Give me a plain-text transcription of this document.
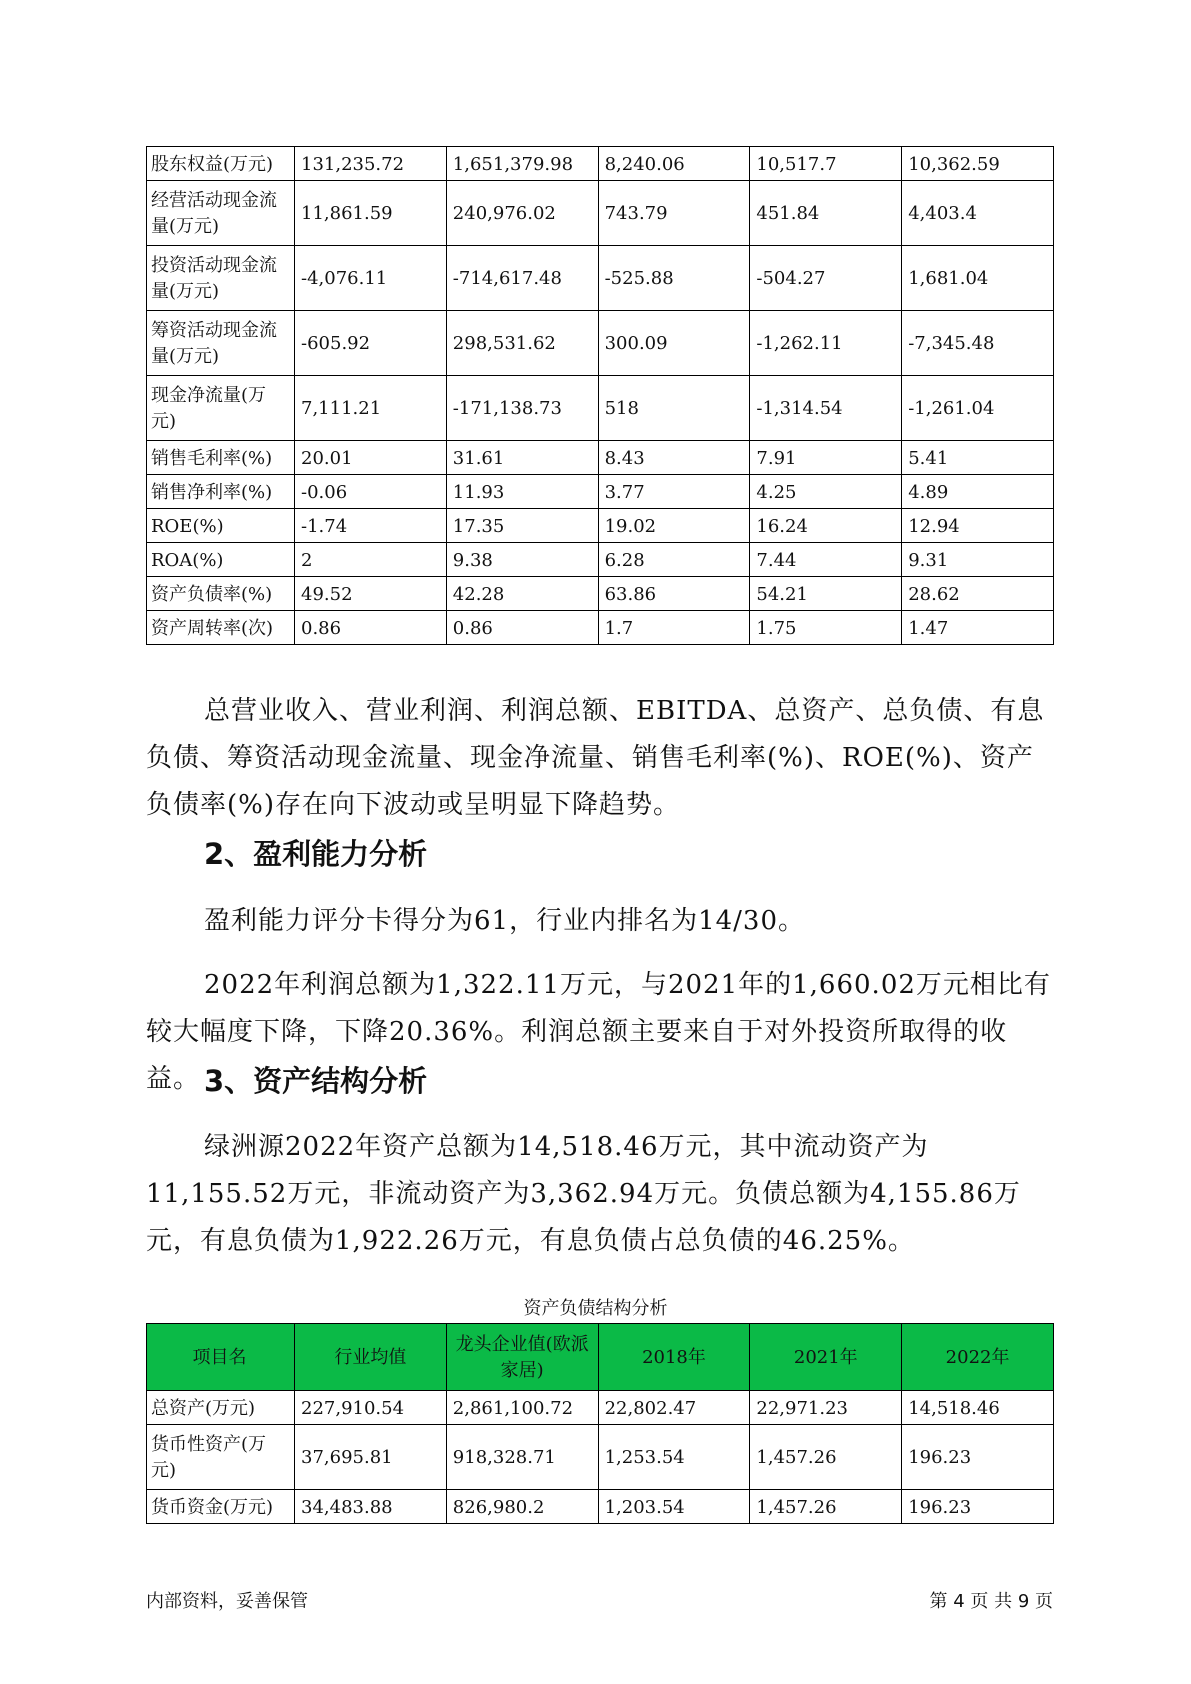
股东权益(万元)	131,235.72	1,651,379.98	8,240.06	10,517.7	10,362.59
经营活动现金流量(万元)	11,861.59	240,976.02	743.79	451.84	4,403.4
投资活动现金流量(万元)	-4,076.11	-714,617.48	-525.88	-504.27	1,681.04
筹资活动现金流量(万元)	-605.92	298,531.62	300.09	-1,262.11	-7,345.48
现金净流量(万元)	7,111.21	-171,138.73	518	-1,314.54	-1,261.04
销售毛利率(%)	20.01	31.61	8.43	7.91	5.41
销售净利率(%)	-0.06	11.93	3.77	4.25	4.89
ROE(%)	-1.74	17.35	19.02	16.24	12.94
ROA(%)	2	9.38	6.28	7.44	9.31
资产负债率(%)	49.52	42.28	63.86	54.21	28.62
资产周转率(次)	0.86	0.86	1.7	1.75	1.47

总营业收入、营业利润、利润总额、EBITDA、总资产、总负债、有息负债、筹资活动现金流量、现金净流量、销售毛利率(%)、ROE(%)、资产负债率(%)存在向下波动或呈明显下降趋势。

2、盈利能力分析

盈利能力评分卡得分为61，行业内排名为14/30。

2022年利润总额为1,322.11万元，与2021年的1,660.02万元相比有较大幅度下降，下降20.36%。利润总额主要来自于对外投资所取得的收益。 3、资产结构分析

绿洲源2022年资产总额为14,518.46万元，其中流动资产为11,155.52万元，非流动资产为3,362.94万元。负债总额为4,155.86万元，有息负债为1,922.26万元，有息负债占总负债的46.25%。

资产负债结构分析
项目名	行业均值	龙头企业值(欧派家居)	2018年	2021年	2022年
总资产(万元)	227,910.54	2,861,100.72	22,802.47	22,971.23	14,518.46
货币性资产(万元)	37,695.81	918,328.71	1,253.54	1,457.26	196.23
货币资金(万元)	34,483.88	826,980.2	1,203.54	1,457.26	196.23
内部资料，妥善保管	第 4 页 共 9 页
